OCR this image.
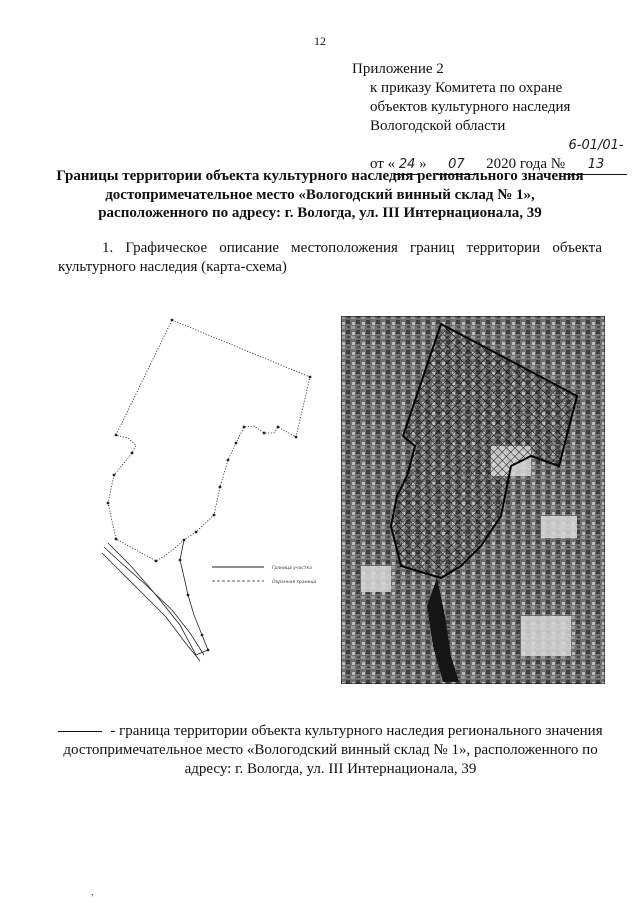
12
Приложение 2
к приказу Комитета по охране
объектов культурного наследия
Вологодской области
от « 24 » 07 2020 года №6-01/01-13
Границы территории объекта культурного наследия регионального значения
достопримечательное место «Вологодский винный склад № 1»,
расположенного по адресу: г. Вологда, ул. III Интернационала, 39
1. Графическое описание местоположения границ территории объекта культурного наследия (карта-схема)
Граница участка
Охранная граница
- граница территории объекта культурного наследия регионального значения достопримечательное место «Вологодский винный склад № 1», расположенного по адресу: г. Вологда, ул. III Интернационала, 39
,
